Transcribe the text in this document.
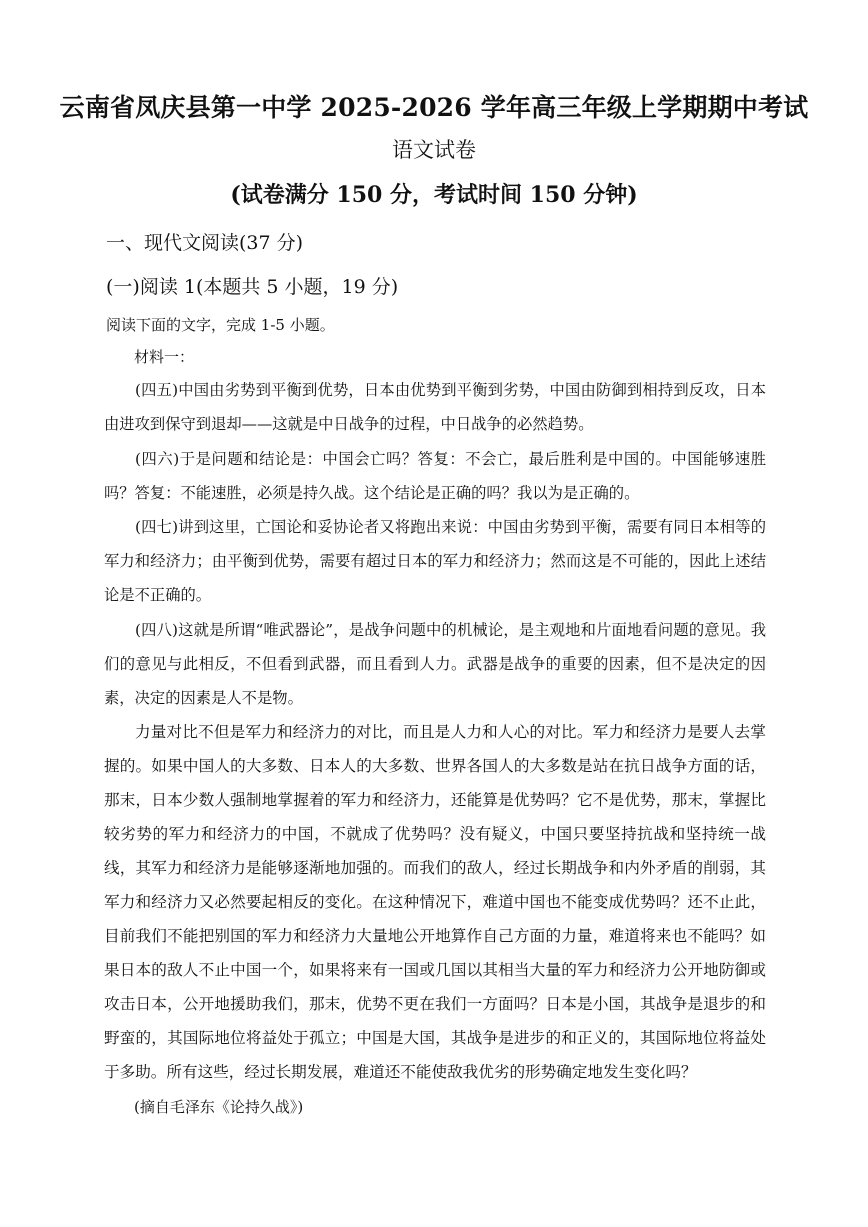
云南省凤庆县第一中学 2025-2026 学年高三年级上学期期中考试
语文试卷
(试卷满分 150 分，考试时间 150 分钟)
一、现代文阅读(37 分)
(一)阅读 1(本题共 5 小题，19 分)
阅读下面的文字，完成 1-5 小题。
材料一：

(四五)中国由劣势到平衡到优势，日本由优势到平衡到劣势，中国由防御到相持到反攻，日本由进攻到保守到退却——这就是中日战争的过程，中日战争的必然趋势。

(四六)于是问题和结论是：中国会亡吗？答复：不会亡，最后胜利是中国的。中国能够速胜吗？答复：不能速胜，必须是持久战。这个结论是正确的吗？我以为是正确的。

(四七)讲到这里，亡国论和妥协论者又将跑出来说：中国由劣势到平衡，需要有同日本相等的军力和经济力；由平衡到优势，需要有超过日本的军力和经济力；然而这是不可能的，因此上述结论是不正确的。

(四八)这就是所谓“唯武器论”，是战争问题中的机械论，是主观地和片面地看问题的意见。我们的意见与此相反，不但看到武器，而且看到人力。武器是战争的重要的因素，但不是决定的因素，决定的因素是人不是物。

力量对比不但是军力和经济力的对比，而且是人力和人心的对比。军力和经济力是要人去掌握的。如果中国人的大多数、日本人的大多数、世界各国人的大多数是站在抗日战争方面的话，那末，日本少数人强制地掌握着的军力和经济力，还能算是优势吗？它不是优势，那末，掌握比较劣势的军力和经济力的中国，不就成了优势吗？没有疑义，中国只要坚持抗战和坚持统一战线，其军力和经济力是能够逐渐地加强的。而我们的敌人，经过长期战争和内外矛盾的削弱，其军力和经济力又必然要起相反的变化。在这种情况下，难道中国也不能变成优势吗？还不止此，目前我们不能把别国的军力和经济力大量地公开地算作自己方面的力量，难道将来也不能吗？如果日本的敌人不止中国一个，如果将来有一国或几国以其相当大量的军力和经济力公开地防御或攻击日本，公开地援助我们，那末，优势不更在我们一方面吗？日本是小国，其战争是退步的和野蛮的，其国际地位将益处于孤立；中国是大国，其战争是进步的和正义的，其国际地位将益处于多助。所有这些，经过长期发展，难道还不能使敌我优劣的形势确定地发生变化吗？

(摘自毛泽东《论持久战》)
